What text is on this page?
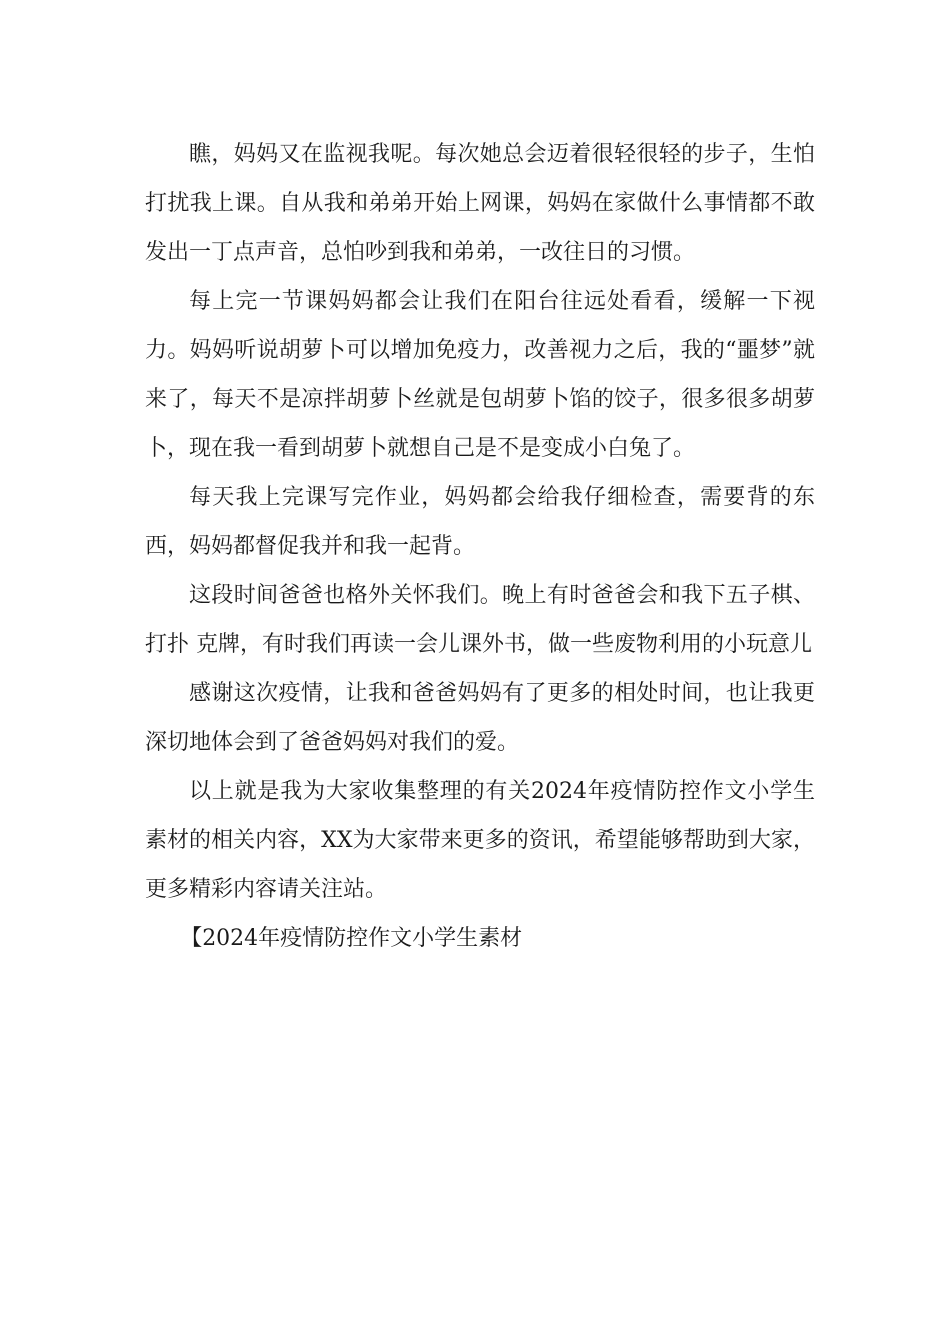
瞧，妈妈又在监视我呢。每次她总会迈着很轻很轻的步子，生怕打扰我上课。自从我和弟弟开始上网课，妈妈在家做什么事情都不敢发出一丁点声音，总怕吵到我和弟弟，一改往日的习惯。

每上完一节课妈妈都会让我们在阳台往远处看看，缓解一下视力。妈妈听说胡萝卜可以增加免疫力，改善视力之后，我的“噩梦”就来了，每天不是凉拌胡萝卜丝就是包胡萝卜馅的饺子，很多很多胡萝卜，现在我一看到胡萝卜就想自己是不是变成小白兔了。

每天我上完课写完作业，妈妈都会给我仔细检查，需要背的东西，妈妈都督促我并和我一起背。

这段时间爸爸也格外关怀我们。晚上有时爸爸会和我下五子棋、打扑 克牌，有时我们再读一会儿课外书，做一些废物利用的小玩意儿

感谢这次疫情，让我和爸爸妈妈有了更多的相处时间，也让我更深切地体会到了爸爸妈妈对我们的爱。

以上就是我为大家收集整理的有关2024年疫情防控作文小学生素材的相关内容，XX为大家带来更多的资讯，希望能够帮助到大家，更多精彩内容请关注站。

【2024年疫情防控作文小学生素材
